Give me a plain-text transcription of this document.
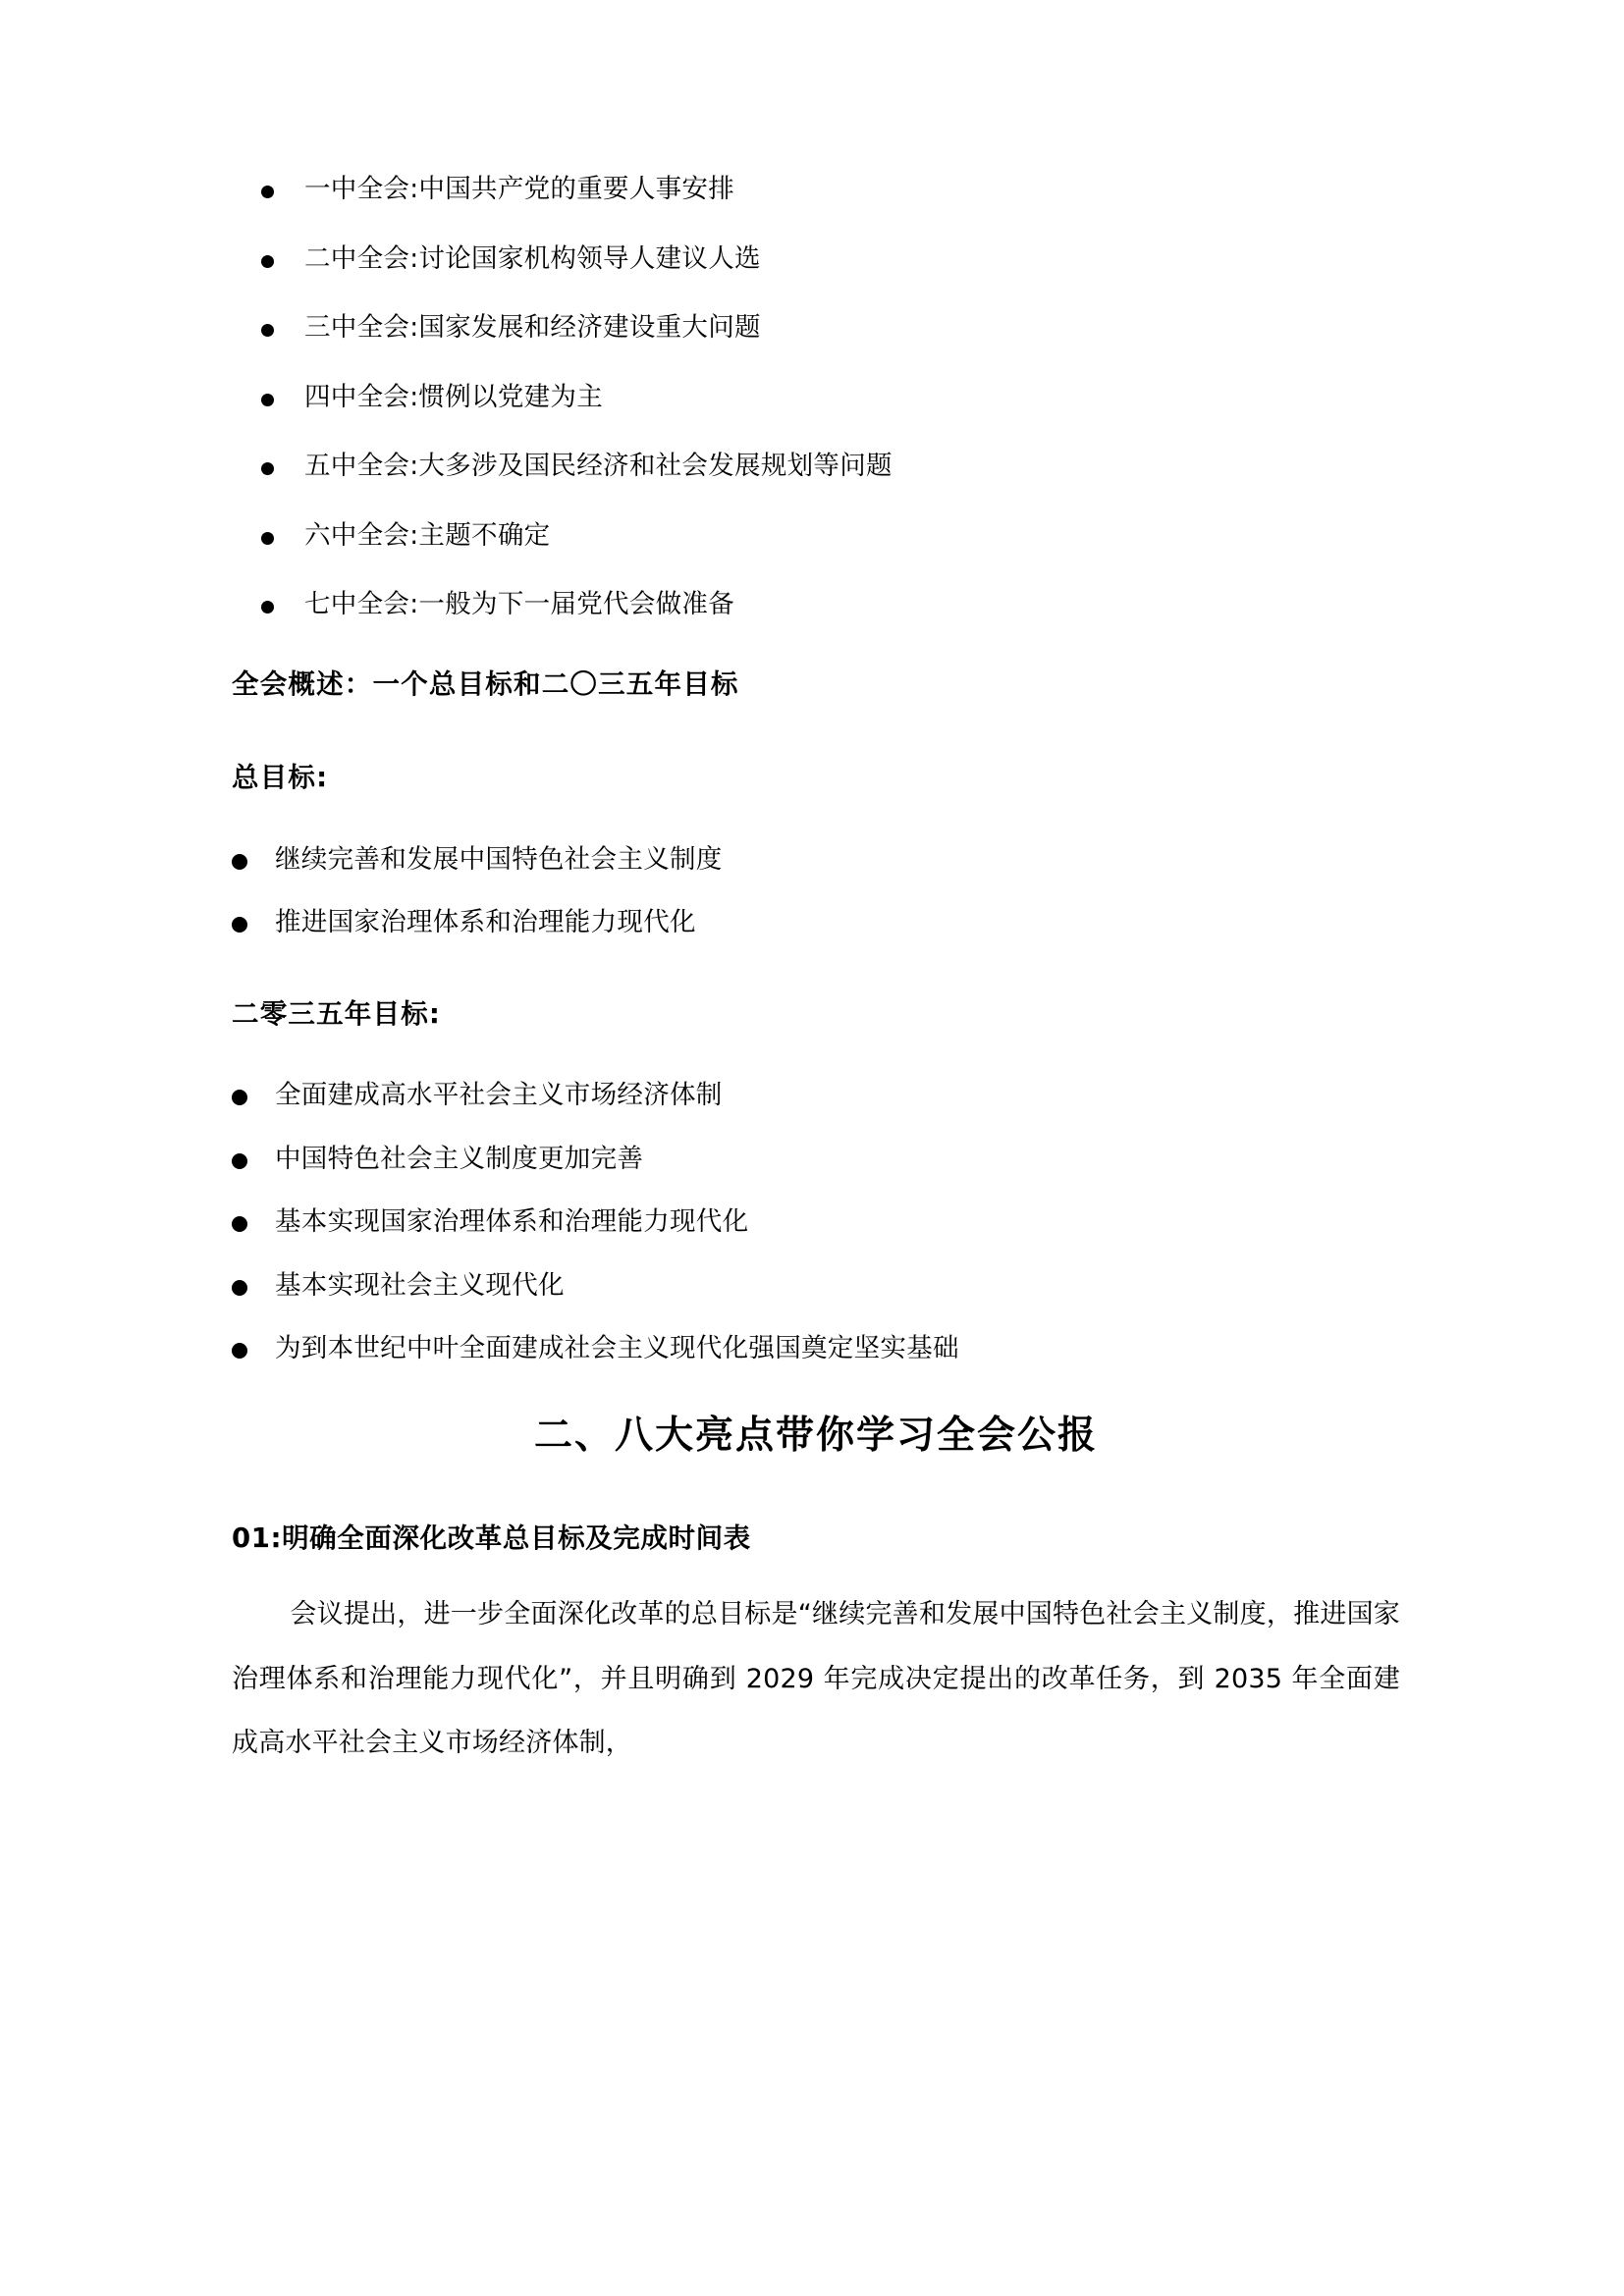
一中全会:中国共产党的重要人事安排
二中全会:讨论国家机构领导人建议人选
三中全会:国家发展和经济建设重大问题
四中全会:惯例以党建为主
五中全会:大多涉及国民经济和社会发展规划等问题
六中全会:主题不确定
七中全会:一般为下一届党代会做准备

全会概述：一个总目标和二〇三五年目标

总目标:

继续完善和发展中国特色社会主义制度
推进国家治理体系和治理能力现代化

二零三五年目标:

全面建成高水平社会主义市场经济体制
中国特色社会主义制度更加完善
基本实现国家治理体系和治理能力现代化
基本实现社会主义现代化
为到本世纪中叶全面建成社会主义现代化强国奠定坚实基础
二、八大亮点带你学习全会公报
01:明确全面深化改革总目标及完成时间表

会议提出，进一步全面深化改革的总目标是“继续完善和发展中国特色社会主义制度，推进国家治理体系和治理能力现代化”，并且明确到 2029 年完成决定提出的改革任务，到 2035 年全面建成高水平社会主义市场经济体制，
